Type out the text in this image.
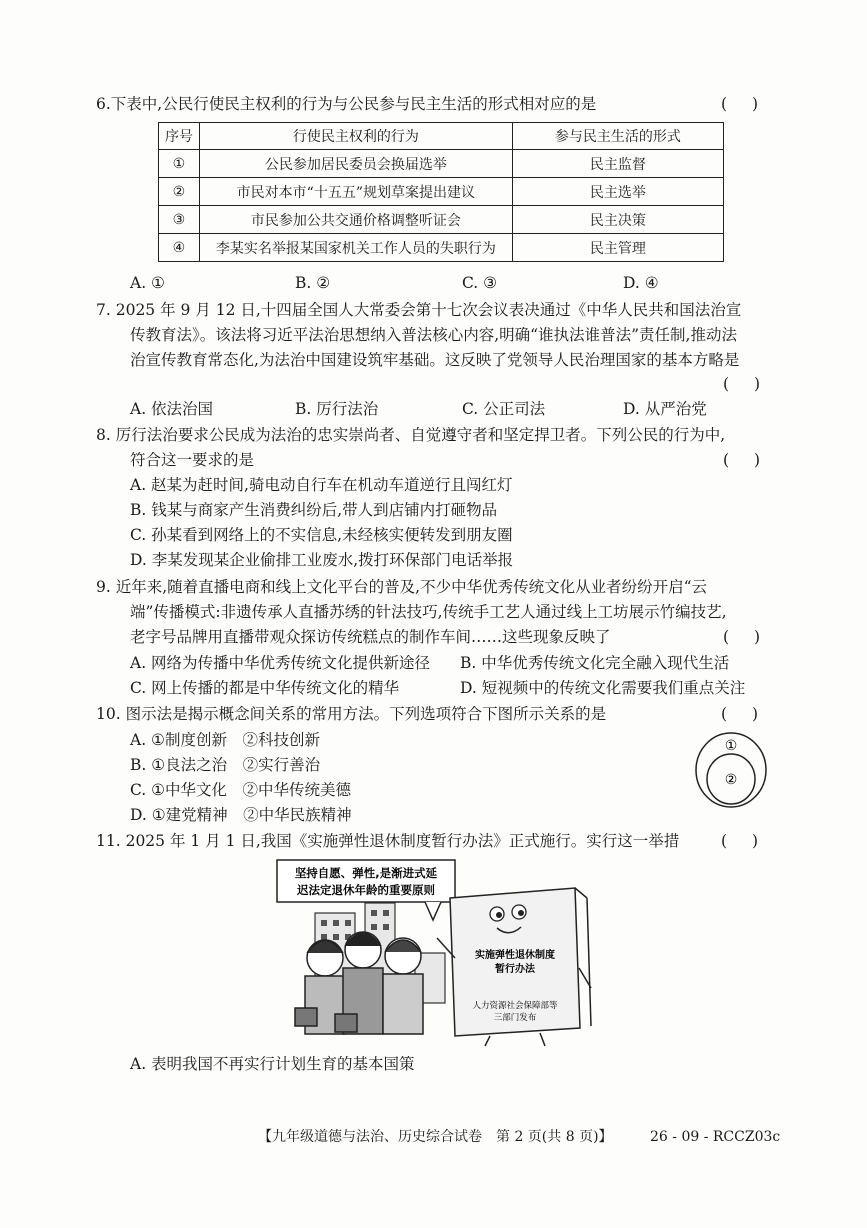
6.下表中,公民行使民主权利的行为与公民参与民主生活的形式相对应的是	( )
序号	行使民主权利的行为	参与民主生活的形式
①	公民参加居民委员会换届选举	民主监督
②	市民对本市“十五五”规划草案提出建议	民主选举
③	市民参加公共交通价格调整听证会	民主决策
④	李某实名举报某国家机关工作人员的失职行为	民主管理
A. ①	B. ②	C. ③	D. ④
7. 2025 年 9 月 12 日,十四届全国人大常委会第十七次会议表决通过《中华人民共和国法治宣
传教育法》。该法将习近平法治思想纳入普法核心内容,明确“谁执法谁普法”责任制,推动法
治宣传教育常态化,为法治中国建设筑牢基础。这反映了党领导人民治理国家的基本方略是
( )
A. 依法治国	B. 厉行法治	C. 公正司法	D. 从严治党
8. 厉行法治要求公民成为法治的忠实崇尚者、自觉遵守者和坚定捍卫者。下列公民的行为中,
符合这一要求的是	( )
A. 赵某为赶时间,骑电动自行车在机动车道逆行且闯红灯
B. 钱某与商家产生消费纠纷后,带人到店铺内打砸物品
C. 孙某看到网络上的不实信息,未经核实便转发到朋友圈
D. 李某发现某企业偷排工业废水,拨打环保部门电话举报
9. 近年来,随着直播电商和线上文化平台的普及,不少中华优秀传统文化从业者纷纷开启“云
端”传播模式:非遗传承人直播苏绣的针法技巧,传统手工艺人通过线上工坊展示竹编技艺,
老字号品牌用直播带观众探访传统糕点的制作车间……这些现象反映了	( )
A. 网络为传播中华优秀传统文化提供新途径 B. 中华优秀传统文化完全融入现代生活
C. 网上传播的都是中华传统文化的精华	D. 短视频中的传统文化需要我们重点关注
10. 图示法是揭示概念间关系的常用方法。下列选项符合下图所示关系的是	( )
A. ①制度创新　②科技创新
B. ①良法之治　②实行善治
C. ①中华文化　②中华传统美德
D. ①建党精神　②中华民族精神
①
②
11. 2025 年 1 月 1 日,我国《实施弹性退休制度暂行办法》正式施行。实行这一举措	( )
坚持自愿、弹性,是渐进式延
迟法定退休年龄的重要原则
实施弹性退休制度
暂行办法
人力资源社会保障部等
三部门发布
A. 表明我国不再实行计划生育的基本国策
【九年级道德与法治、历史综合试卷　第 2 页(共 8 页)】	26 - 09 - RCCZ03c
